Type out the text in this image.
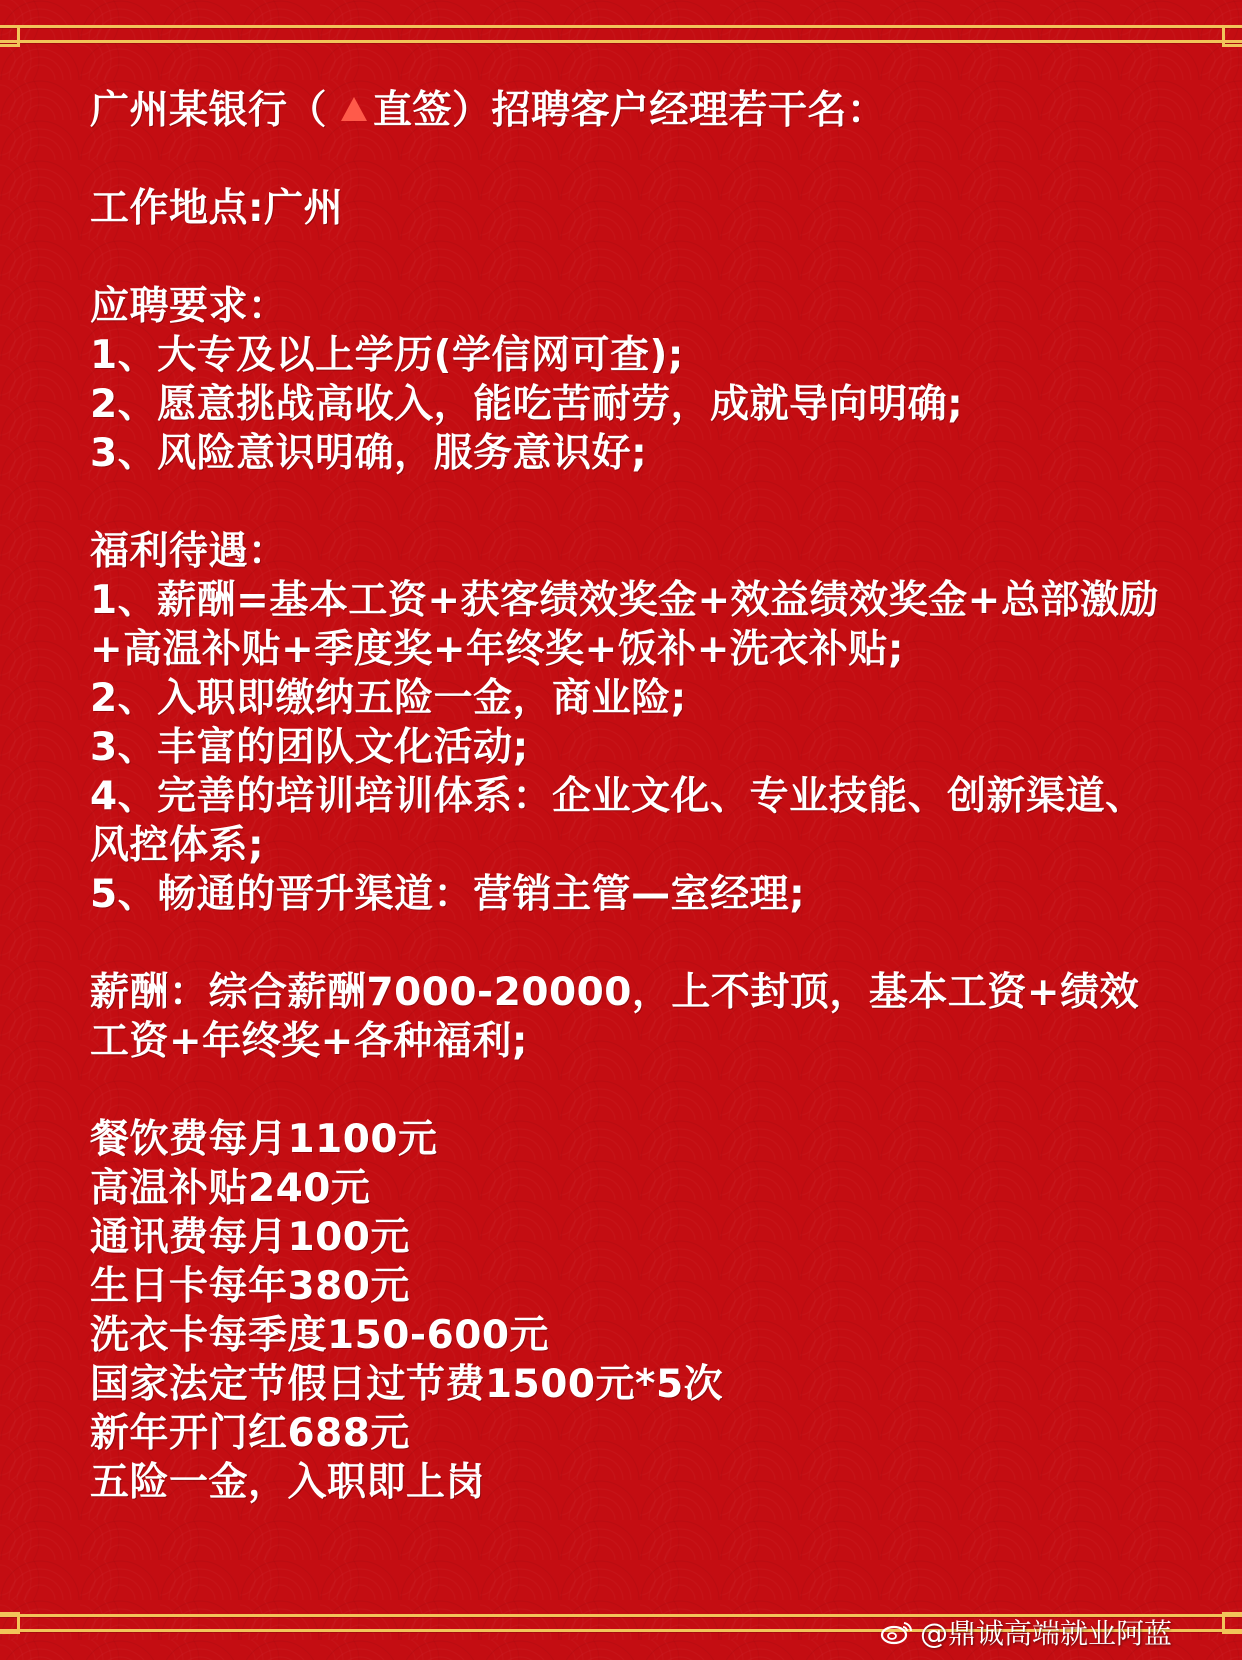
广州某银行（ 直签）招聘客户经理若干名：
工作地点:广州
应聘要求：
1、大专及以上学历(学信网可查);
2、愿意挑战高收入，能吃苦耐劳，成就导向明确;
3、风险意识明确，服务意识好;
福利待遇：
1、薪酬=基本工资+获客绩效奖金+效益绩效奖金+总部激励+高温补贴+季度奖+年终奖+饭补+洗衣补贴;
2、入职即缴纳五险一金，商业险;
3、丰富的团队文化活动;
4、完善的培训培训体系：企业文化、专业技能、创新渠道、风控体系;
5、畅通的晋升渠道：营销主管—室经理;
薪酬：综合薪酬7000-20000，上不封顶，基本工资+绩效工资+年终奖+各种福利;
餐饮费每月1100元
高温补贴240元
通讯费每月100元
生日卡每年380元
洗衣卡每季度150-600元
国家法定节假日过节费1500元*5次
新年开门红688元
五险一金，入职即上岗
@鼎诚高端就业阿蓝
